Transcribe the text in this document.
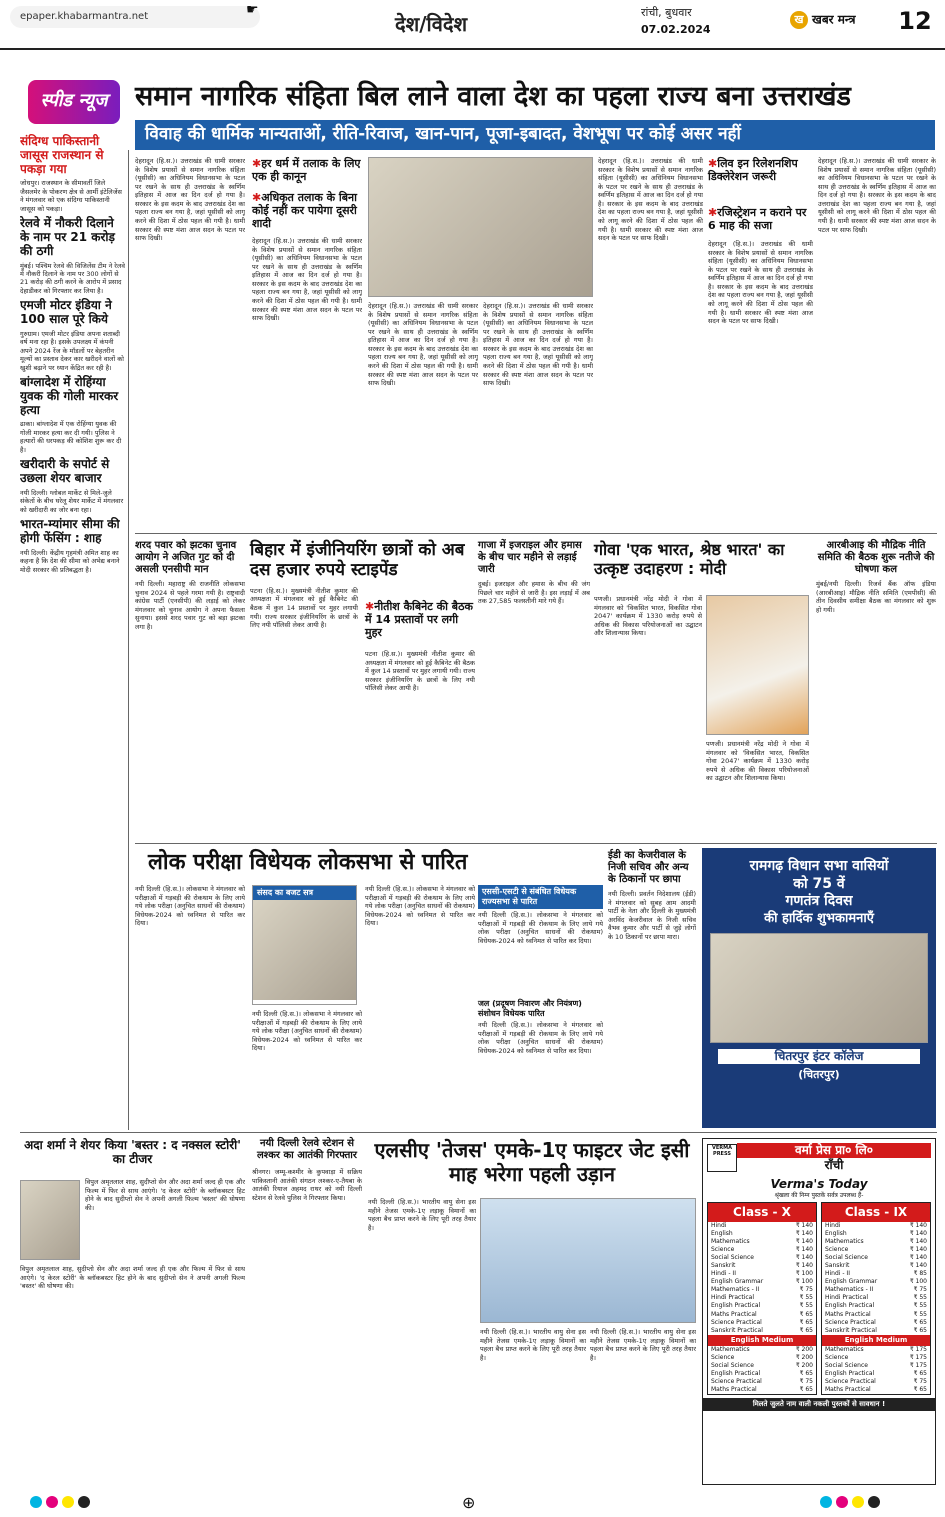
epaper.khabarmantra.net	☛
देश/विदेश	रांची, बुधवार
07.02.2024
ख खबर मन्त्र	12
स्पीड न्यूज	समान नागरिक संहिता बिल लाने वाला देश का पहला राज्य बना उत्तराखंड
विवाह की धार्मिक मान्यताओं, रीति-रिवाज, खान-पान, पूजा-इबादत, वेशभूषा पर कोई असर नहीं
संदिग्ध पाकिस्तानी जासूस राजस्थान से पकड़ा गया

जोधपुर। राजस्थान के सीमावर्ती जिले जैसलमेर के पोकरण क्षेत्र से आर्मी इंटेलिजेंस ने मंगलवार को एक संदिग्ध पाकिस्तानी जासूस को पकड़ा।

रेलवे में नौकरी दिलाने के नाम पर 21 करोड़ की ठगी

मुंबई। पश्चिम रेलवे की विजिलेंस टीम ने रेलवे में नौकरी दिलाने के नाम पर 300 लोगों से 21 करोड़ की ठगी करने के आरोप में प्रसाद देहाडीकर को गिरफ्तार कर लिया है।

एमजी मोटर इंडिया ने 100 साल पूरे किये

गुरुग्राम। एमजी मोटर इंडिया अपना शताब्दी वर्ष मना रहा है। इसके उपलक्ष्य में कंपनी अपने 2024 रेंज के मॉडलों पर बेहतरीन मूल्यों का प्रस्ताव देकर कार खरीदने वालों को खुशी बढ़ाने पर ध्यान केंद्रित कर रही है।

बांग्लादेश में रोहिंग्या युवक की गोली मारकर हत्या

ढाका। बांग्लादेश में एक रोहिंग्या युवक की गोली मारकर हत्या कर दी गयी। पुलिस ने हत्यारों की धरपकड़ की कोशिश शुरू कर दी है।

खरीदारी के सपोर्ट से उछला शेयर बाजार

नयी दिल्ली। ग्लोबल मार्केट से मिले-जुले संकेतों के बीच घरेलू शेयर मार्केट में मंगलवार को खरीदारी का जोर बना रहा।

भारत-म्यांमार सीमा की होगी फेंसिंग : शाह

नयी दिल्ली। केंद्रीय गृहमंत्री अमित शाह का कहना है कि देश की सीमा को अभेद्य बनाने मोदी सरकार की प्रतिबद्धता है।

देहरादून (हि.स.)। उत्तराखंड की धामी सरकार के विशेष प्रयासों से समान नागरिक संहिता (यूसीसी) का अधिनियम विधानसभा के पटल पर रखने के साथ ही उत्तराखंड के स्वर्णिम इतिहास में आज का दिन दर्ज हो गया है। सरकार के इस कदम के बाद उत्तराखंड देश का पहला राज्य बन गया है, जहां यूसीसी को लागू करने की दिशा में ठोस पहल की गयी है। धामी सरकार की स्पष्ट मंशा आज सदन के पटल पर साफ दिखी।
✱हर धर्म में तलाक के लिए एक ही कानून
✱अधिकृत तलाक के बिना कोई नहीं कर पायेगा दूसरी शादी
देहरादून (हि.स.)। उत्तराखंड की धामी सरकार के विशेष प्रयासों से समान नागरिक संहिता (यूसीसी) का अधिनियम विधानसभा के पटल पर रखने के साथ ही उत्तराखंड के स्वर्णिम इतिहास में आज का दिन दर्ज हो गया है। सरकार के इस कदम के बाद उत्तराखंड देश का पहला राज्य बन गया है, जहां यूसीसी को लागू करने की दिशा में ठोस पहल की गयी है। धामी सरकार की स्पष्ट मंशा आज सदन के पटल पर साफ दिखी।
देहरादून (हि.स.)। उत्तराखंड की धामी सरकार के विशेष प्रयासों से समान नागरिक संहिता (यूसीसी) का अधिनियम विधानसभा के पटल पर रखने के साथ ही उत्तराखंड के स्वर्णिम इतिहास में आज का दिन दर्ज हो गया है। सरकार के इस कदम के बाद उत्तराखंड देश का पहला राज्य बन गया है, जहां यूसीसी को लागू करने की दिशा में ठोस पहल की गयी है। धामी सरकार की स्पष्ट मंशा आज सदन के पटल पर साफ दिखी।
देहरादून (हि.स.)। उत्तराखंड की धामी सरकार के विशेष प्रयासों से समान नागरिक संहिता (यूसीसी) का अधिनियम विधानसभा के पटल पर रखने के साथ ही उत्तराखंड के स्वर्णिम इतिहास में आज का दिन दर्ज हो गया है। सरकार के इस कदम के बाद उत्तराखंड देश का पहला राज्य बन गया है, जहां यूसीसी को लागू करने की दिशा में ठोस पहल की गयी है। धामी सरकार की स्पष्ट मंशा आज सदन के पटल पर साफ दिखी।
देहरादून (हि.स.)। उत्तराखंड की धामी सरकार के विशेष प्रयासों से समान नागरिक संहिता (यूसीसी) का अधिनियम विधानसभा के पटल पर रखने के साथ ही उत्तराखंड के स्वर्णिम इतिहास में आज का दिन दर्ज हो गया है। सरकार के इस कदम के बाद उत्तराखंड देश का पहला राज्य बन गया है, जहां यूसीसी को लागू करने की दिशा में ठोस पहल की गयी है। धामी सरकार की स्पष्ट मंशा आज सदन के पटल पर साफ दिखी।
✱लिव इन रिलेशनशिप डिक्लेरेशन जरूरी
✱रजिस्ट्रेशन न कराने पर 6 माह की सजा
देहरादून (हि.स.)। उत्तराखंड की धामी सरकार के विशेष प्रयासों से समान नागरिक संहिता (यूसीसी) का अधिनियम विधानसभा के पटल पर रखने के साथ ही उत्तराखंड के स्वर्णिम इतिहास में आज का दिन दर्ज हो गया है। सरकार के इस कदम के बाद उत्तराखंड देश का पहला राज्य बन गया है, जहां यूसीसी को लागू करने की दिशा में ठोस पहल की गयी है। धामी सरकार की स्पष्ट मंशा आज सदन के पटल पर साफ दिखी।
देहरादून (हि.स.)। उत्तराखंड की धामी सरकार के विशेष प्रयासों से समान नागरिक संहिता (यूसीसी) का अधिनियम विधानसभा के पटल पर रखने के साथ ही उत्तराखंड के स्वर्णिम इतिहास में आज का दिन दर्ज हो गया है। सरकार के इस कदम के बाद उत्तराखंड देश का पहला राज्य बन गया है, जहां यूसीसी को लागू करने की दिशा में ठोस पहल की गयी है। धामी सरकार की स्पष्ट मंशा आज सदन के पटल पर साफ दिखी।
शरद पवार को झटका चुनाव आयोग ने अजित गुट को दी असली एनसीपी मान
नयी दिल्ली। महाराष्ट्र की राजनीति लोकसभा चुनाव 2024 से पहले गरमा गयी है। राष्ट्रवादी कांग्रेस पार्टी (एनसीपी) की लड़ाई को लेकर मंगलवार को चुनाव आयोग ने अपना फैसला सुनाया। इससे शरद पवार गुट को बड़ा झटका लगा है।
बिहार में इंजीनियरिंग छात्रों को अब दस हजार रुपये स्टाइपेंड
पटना (हि.स.)। मुख्यमंत्री नीतीश कुमार की अध्यक्षता में मंगलवार को हुई कैबिनेट की बैठक में कुल 14 प्रस्तावों पर मुहर लगायी गयी। राज्य सरकार इंजीनियरिंग के छात्रों के लिए नयी पॉलिसी लेकर आयी है।
✱नीतीश कैबिनेट की बैठक में 14 प्रस्तावों पर लगी मुहर
पटना (हि.स.)। मुख्यमंत्री नीतीश कुमार की अध्यक्षता में मंगलवार को हुई कैबिनेट की बैठक में कुल 14 प्रस्तावों पर मुहर लगायी गयी। राज्य सरकार इंजीनियरिंग के छात्रों के लिए नयी पॉलिसी लेकर आयी है।
गाजा में इजराइल और हमास के बीच चार महीने से लड़ाई जारी
दुबई। इजराइल और हमास के बीच की जंग पिछले चार महीने से जारी है। इस लड़ाई में अब तक 27,585 फलस्तीनी मारे गये हैं।
गोवा 'एक भारत, श्रेष्ठ भारत' का उत्कृष्ट उदाहरण : मोदी
पणजी। प्रधानमंत्री नरेंद्र मोदी ने गोवा में मंगलवार को 'विकसित भारत, विकसित गोवा 2047' कार्यक्रम में 1330 करोड़ रुपये से अधिक की विकास परियोजनाओं का उद्घाटन और शिलान्यास किया।
पणजी। प्रधानमंत्री नरेंद्र मोदी ने गोवा में मंगलवार को 'विकसित भारत, विकसित गोवा 2047' कार्यक्रम में 1330 करोड़ रुपये से अधिक की विकास परियोजनाओं का उद्घाटन और शिलान्यास किया।
आरबीआइ की मौद्रिक नीति समिति की बैठक शुरू नतीजे की घोषणा कल
मुंबई/नयी दिल्ली। रिजर्व बैंक ऑफ इंडिया (आरबीआइ) मौद्रिक नीति समिति (एमपीसी) की तीन दिवसीय समीक्षा बैठक का मंगलवार को शुरू हो गयी।
लोक परीक्षा विधेयक लोकसभा से पारित
नयी दिल्ली (हि.स.)। लोकसभा ने मंगलवार को परीक्षाओं में गड़बड़ी की रोकथाम के लिए लाये गये लोक परीक्षा (अनुचित साधनों की रोकथाम) विधेयक-2024 को ध्वनिमत से पारित कर दिया।
संसद का बजट सत्र
नयी दिल्ली (हि.स.)। लोकसभा ने मंगलवार को परीक्षाओं में गड़बड़ी की रोकथाम के लिए लाये गये लोक परीक्षा (अनुचित साधनों की रोकथाम) विधेयक-2024 को ध्वनिमत से पारित कर दिया।
नयी दिल्ली (हि.स.)। लोकसभा ने मंगलवार को परीक्षाओं में गड़बड़ी की रोकथाम के लिए लाये गये लोक परीक्षा (अनुचित साधनों की रोकथाम) विधेयक-2024 को ध्वनिमत से पारित कर दिया।
एससी-एसटी से संबंधित विधेयक राज्यसभा से पारित
नयी दिल्ली (हि.स.)। लोकसभा ने मंगलवार को परीक्षाओं में गड़बड़ी की रोकथाम के लिए लाये गये लोक परीक्षा (अनुचित साधनों की रोकथाम) विधेयक-2024 को ध्वनिमत से पारित कर दिया।
जल (प्रदूषण निवारण और नियंत्रण) संशोधन विधेयक पारित
नयी दिल्ली (हि.स.)। लोकसभा ने मंगलवार को परीक्षाओं में गड़बड़ी की रोकथाम के लिए लाये गये लोक परीक्षा (अनुचित साधनों की रोकथाम) विधेयक-2024 को ध्वनिमत से पारित कर दिया।
ईडी का केजरीवाल के निजी सचिव और अन्य के ठिकानों पर छापा
नयी दिल्ली। प्रवर्तन निदेशालय (ईडी) ने मंगलवार को सुबह आम आदमी पार्टी के नेता और दिल्ली के मुख्यमंत्री अरविंद केजरीवाल के निजी सचिव वैभव कुमार और पार्टी से जुड़े लोगों के 10 ठिकानों पर छापा मारा।
रामगढ़ विधान सभा वासियों
को 75 वें
गणतंत्र दिवस
की हार्दिक शुभकामनाएँ
चितरपुर इंटर कॉलेज
(चितरपुर)
अदा शर्मा ने शेयर किया 'बस्तर : द नक्सल स्टोरी' का टीजर
विपुल अमृतलाल शाह, सुदीप्तो सेन और अदा शर्मा जल्द ही एक और फिल्म में फिर से साथ आएंगे। 'द केरल स्टोरी' के ब्लॉकबस्टर हिट होने के बाद सुदीप्तो सेन ने अपनी अगली फिल्म 'बस्तर' की घोषणा की।
विपुल अमृतलाल शाह, सुदीप्तो सेन और अदा शर्मा जल्द ही एक और फिल्म में फिर से साथ आएंगे। 'द केरल स्टोरी' के ब्लॉकबस्टर हिट होने के बाद सुदीप्तो सेन ने अपनी अगली फिल्म 'बस्तर' की घोषणा की।
नयी दिल्ली रेलवे स्टेशन से लश्कर का आतंकी गिरफ्तार
श्रीनगर। जम्मू-कश्मीर के कुपवाड़ा में सक्रिय पाकिस्तानी आतंकी संगठन लश्कर-ए-तैयबा के आतंकी रियाज अहमद राथर को नयी दिल्ली स्टेशन से रेलवे पुलिस ने गिरफ्तार किया।
एलसीए 'तेजस' एमके-1ए फाइटर जेट इसी माह भरेगा पहली उड़ान
नयी दिल्ली (हि.स.)। भारतीय वायु सेना इस महीने तेजस एमके-1ए लड़ाकू विमानों का पहला बैच प्राप्त करने के लिए पूरी तरह तैयार है।
नयी दिल्ली (हि.स.)। भारतीय वायु सेना इस महीने तेजस एमके-1ए लड़ाकू विमानों का पहला बैच प्राप्त करने के लिए पूरी तरह तैयार है।
नयी दिल्ली (हि.स.)। भारतीय वायु सेना इस महीने तेजस एमके-1ए लड़ाकू विमानों का पहला बैच प्राप्त करने के लिए पूरी तरह तैयार है।
VERMA PRESS	वर्मा प्रेस प्रा० लि०
राँची
Verma's Today
श्रृंखला की निम्न पुस्तकें सर्वत्र उपलब्ध हैं-
Class - X
Hindi	₹ 140
English	₹ 140
Mathematics	₹ 140
Science	₹ 140
Social Science	₹ 140
Sanskrit	₹ 140
Hindi - II	₹ 100
English Grammar	₹ 100
Mathematics - II	₹ 75
Hindi Practical	₹ 55
English Practical	₹ 55
Maths Practical	₹ 65
Science Practical	₹ 65
Sanskrit Practical	₹ 65
English Medium
Mathematics	₹ 200
Science	₹ 200
Social Science	₹ 200
English Practical	₹ 65
Science Practical	₹ 75
Maths Practical	₹ 65
Class - IX
Hindi	₹ 140
English	₹ 140
Mathematics	₹ 140
Science	₹ 140
Social Science	₹ 140
Sanskrit	₹ 140
Hindi - II	₹ 85
English Grammar	₹ 100
Mathematics - II	₹ 75
Hindi Practical	₹ 55
English Practical	₹ 55
Maths Practical	₹ 55
Science Practical	₹ 65
Sanskrit Practical	₹ 65
English Medium
Mathematics	₹ 175
Science	₹ 175
Social Science	₹ 175
English Practical	₹ 65
Science Practical	₹ 75
Maths Practical	₹ 65
मिलते जुलते नाम वाली नकली पुस्तकों से सावधान !
⊕
